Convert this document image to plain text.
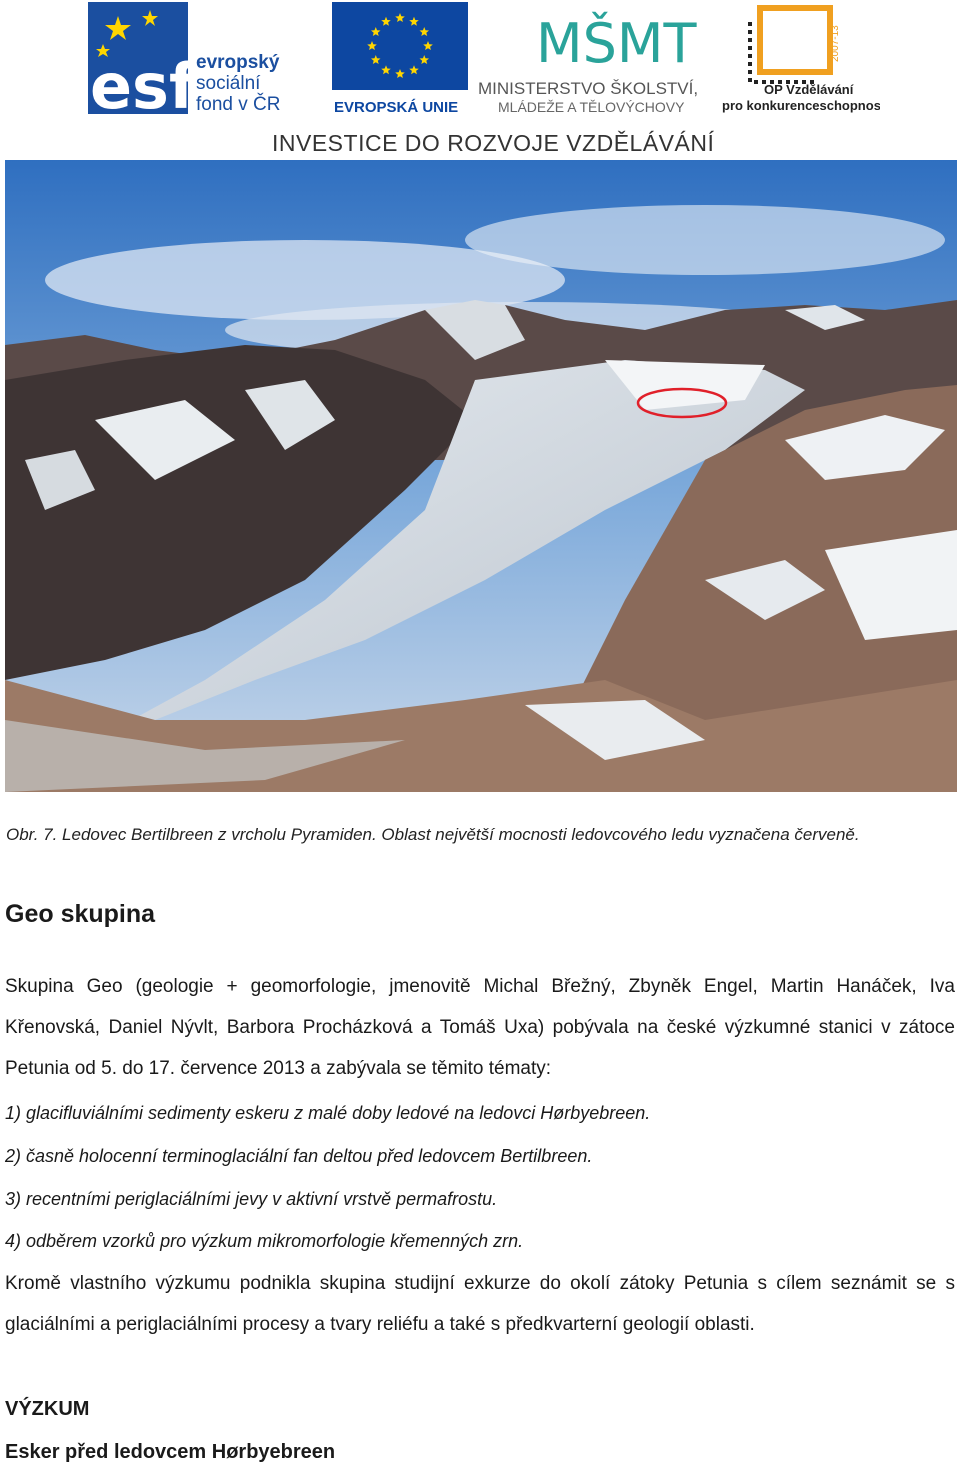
esf evropský
sociální
fond v ČR	EVROPSKÁ UNIE
MŠMT
MINISTERSTVO ŠKOLSTVÍ,
MLÁDEŽE A TĚLOVÝCHOVY
2007-13
OP Vzdělávání
pro konkurenceschopnost
INVESTICE DO ROZVOJE VZDĚLÁVÁNÍ

Obr. 7. Ledovec Bertilbreen z vrcholu Pyramiden. Oblast největší mocnosti ledovcového ledu vyznačena červeně.

Geo skupina

Skupina Geo (geologie + geomorfologie, jmenovitě Michal Břežný, Zbyněk Engel, Martin Hanáček, Iva Křenovská, Daniel Nývlt, Barbora Procházková a Tomáš Uxa) pobývala na české výzkumné stanici v zátoce Petunia od 5. do 17. července 2013 a zabývala se těmito tématy:

1) glacifluviálními sedimenty eskeru z malé doby ledové na ledovci Hørbyebreen.

2) časně holocenní terminoglaciální fan deltou před ledovcem Bertilbreen.

3) recentními periglaciálními jevy v aktivní vrstvě permafrostu.

4) odběrem vzorků pro výzkum mikromorfologie křemenných zrn.

Kromě vlastního výzkumu podnikla skupina studijní exkurze do okolí zátoky Petunia s cílem seznámit se s glaciálními a periglaciálními procesy a tvary reliéfu a také s předkvarterní geologií oblasti.

VÝZKUM
Esker před ledovcem Hørbyebreen
